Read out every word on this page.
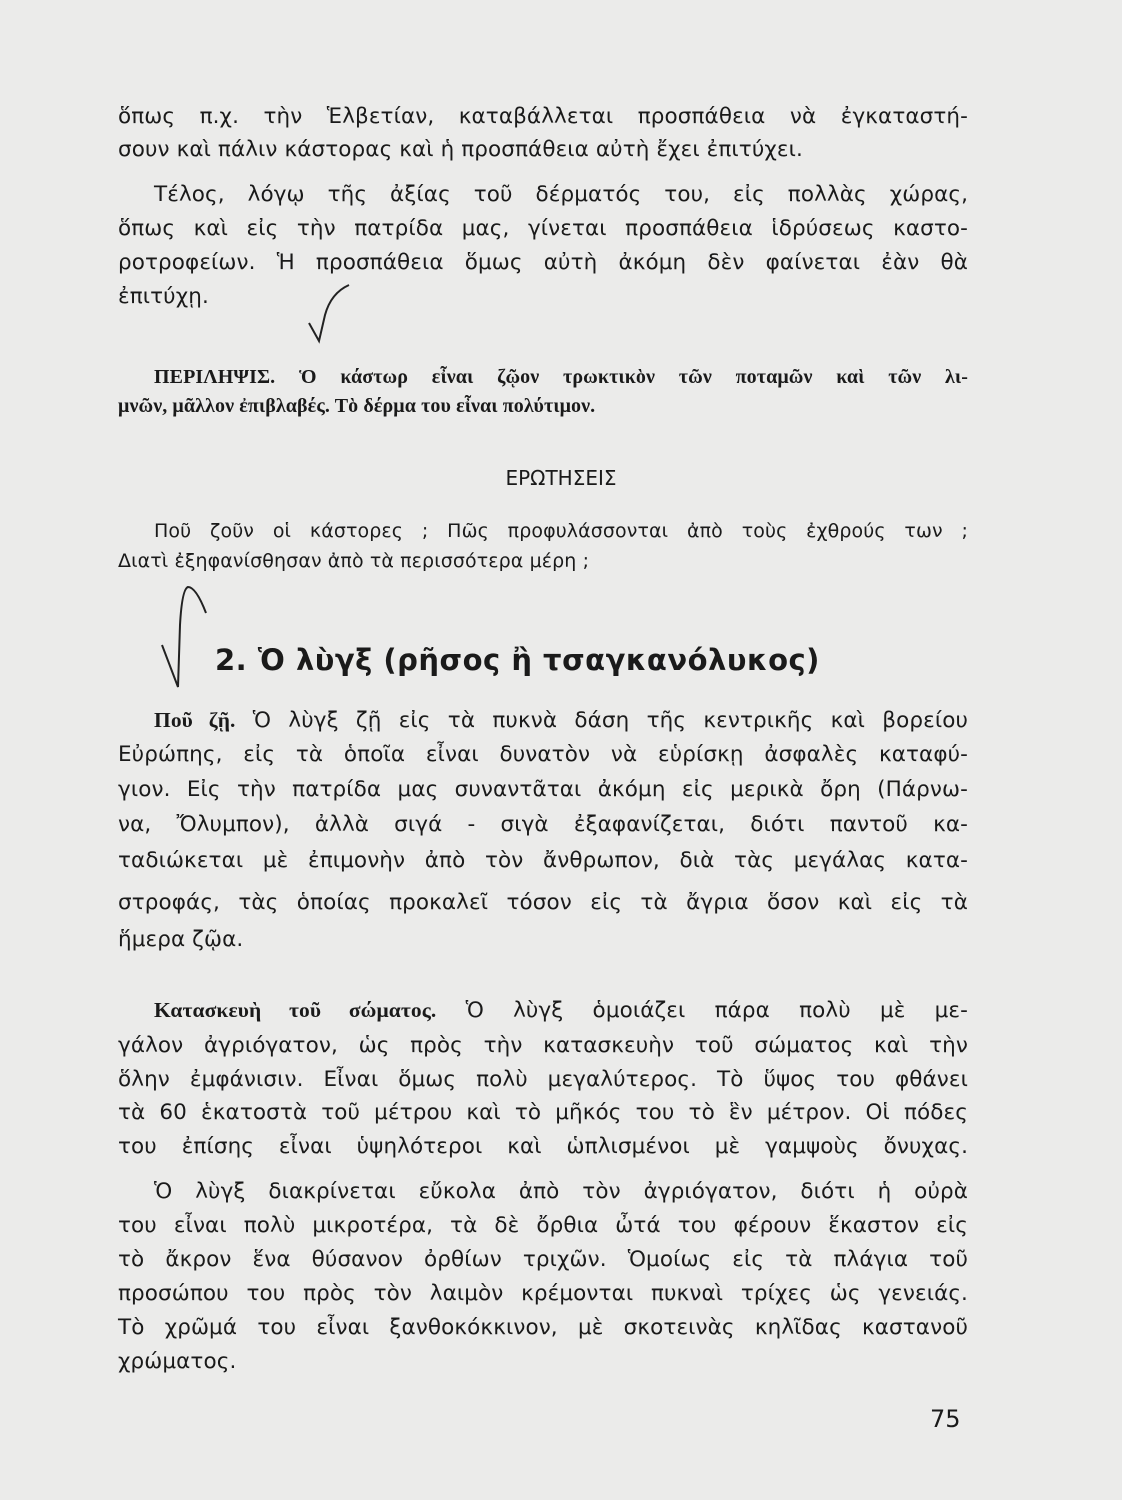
ὅπως π.χ. τὴν Ἑλβετίαν, καταβάλλεται προσπάθεια νὰ ἐγκαταστή-
σουν καὶ πάλιν κάστορας καὶ ἡ προσπάθεια αὐτὴ ἔχει ἐπιτύχει.
Τέλος, λόγῳ τῆς ἀξίας τοῦ δέρματός του, εἰς πολλὰς χώρας,
ὅπως καὶ εἰς τὴν πατρίδα μας, γίνεται προσπάθεια ἱδρύσεως καστο-
ροτροφείων. Ἡ προσπάθεια ὅμως αὐτὴ ἀκόμη δὲν φαίνεται ἐὰν θὰ
ἐπιτύχῃ.
ΠΕΡΙΛΗΨΙΣ. Ὁ κάστωρ εἶναι ζῷον τρωκτικὸν τῶν ποταμῶν καὶ τῶν λι-
μνῶν, μᾶλλον ἐπιβλαβές. Τὸ δέρμα του εἶναι πολύτιμον.
ΕΡΩΤΗΣΕΙΣ
Ποῦ ζοῦν οἱ κάστορες ; Πῶς προφυλάσσονται ἀπὸ τοὺς ἐχθρούς των ;
Διατὶ ἐξηφανίσθησαν ἀπὸ τὰ περισσότερα μέρη ;
2. Ὁ λὺγξ (ρῆσος ἢ τσαγκανόλυκος)
Ποῦ ζῇ. Ὁ λὺγξ ζῇ εἰς τὰ πυκνὰ δάση τῆς κεντρικῆς καὶ βορείου
Εὐρώπης, εἰς τὰ ὁποῖα εἶναι δυνατὸν νὰ εὑρίσκῃ ἀσφαλὲς καταφύ-
γιον. Εἰς τὴν πατρίδα μας συναντᾶται ἀκόμη εἰς μερικὰ ὄρη (Πάρνω-
να, Ὄλυμπον), ἀλλὰ σιγά - σιγὰ ἐξαφανίζεται, διότι παντοῦ κα-
ταδιώκεται μὲ ἐπιμονὴν ἀπὸ τὸν ἄνθρωπον, διὰ τὰς μεγάλας κατα-
στροφάς, τὰς ὁποίας προκαλεῖ τόσον εἰς τὰ ἄγρια ὅσον καὶ εἰς τὰ
ἥμερα ζῷα.
Κατασκευὴ τοῦ σώματος. Ὁ λὺγξ ὁμοιάζει πάρα πολὺ μὲ με-
γάλον ἀγριόγατον, ὡς πρὸς τὴν κατασκευὴν τοῦ σώματος καὶ τὴν
ὅλην ἐμφάνισιν. Εἶναι ὅμως πολὺ μεγαλύτερος. Τὸ ὕψος του φθάνει
τὰ 60 ἑκατοστὰ τοῦ μέτρου καὶ τὸ μῆκός του τὸ ἓν μέτρον. Οἱ πόδες
του ἐπίσης εἶναι ὑψηλότεροι καὶ ὡπλισμένοι μὲ γαμψοὺς ὄνυχας.
Ὁ λὺγξ διακρίνεται εὔκολα ἀπὸ τὸν ἀγριόγατον, διότι ἡ οὐρὰ
του εἶναι πολὺ μικροτέρα, τὰ δὲ ὄρθια ὦτά του φέρουν ἕκαστον εἰς
τὸ ἄκρον ἕνα θύσανον ὀρθίων τριχῶν. Ὁμοίως εἰς τὰ πλάγια τοῦ
προσώπου του πρὸς τὸν λαιμὸν κρέμονται πυκναὶ τρίχες ὡς γενειάς.
Τὸ χρῶμά του εἶναι ξανθοκόκκινον, μὲ σκοτεινὰς κηλῖδας καστανοῦ
χρώματος.
75
